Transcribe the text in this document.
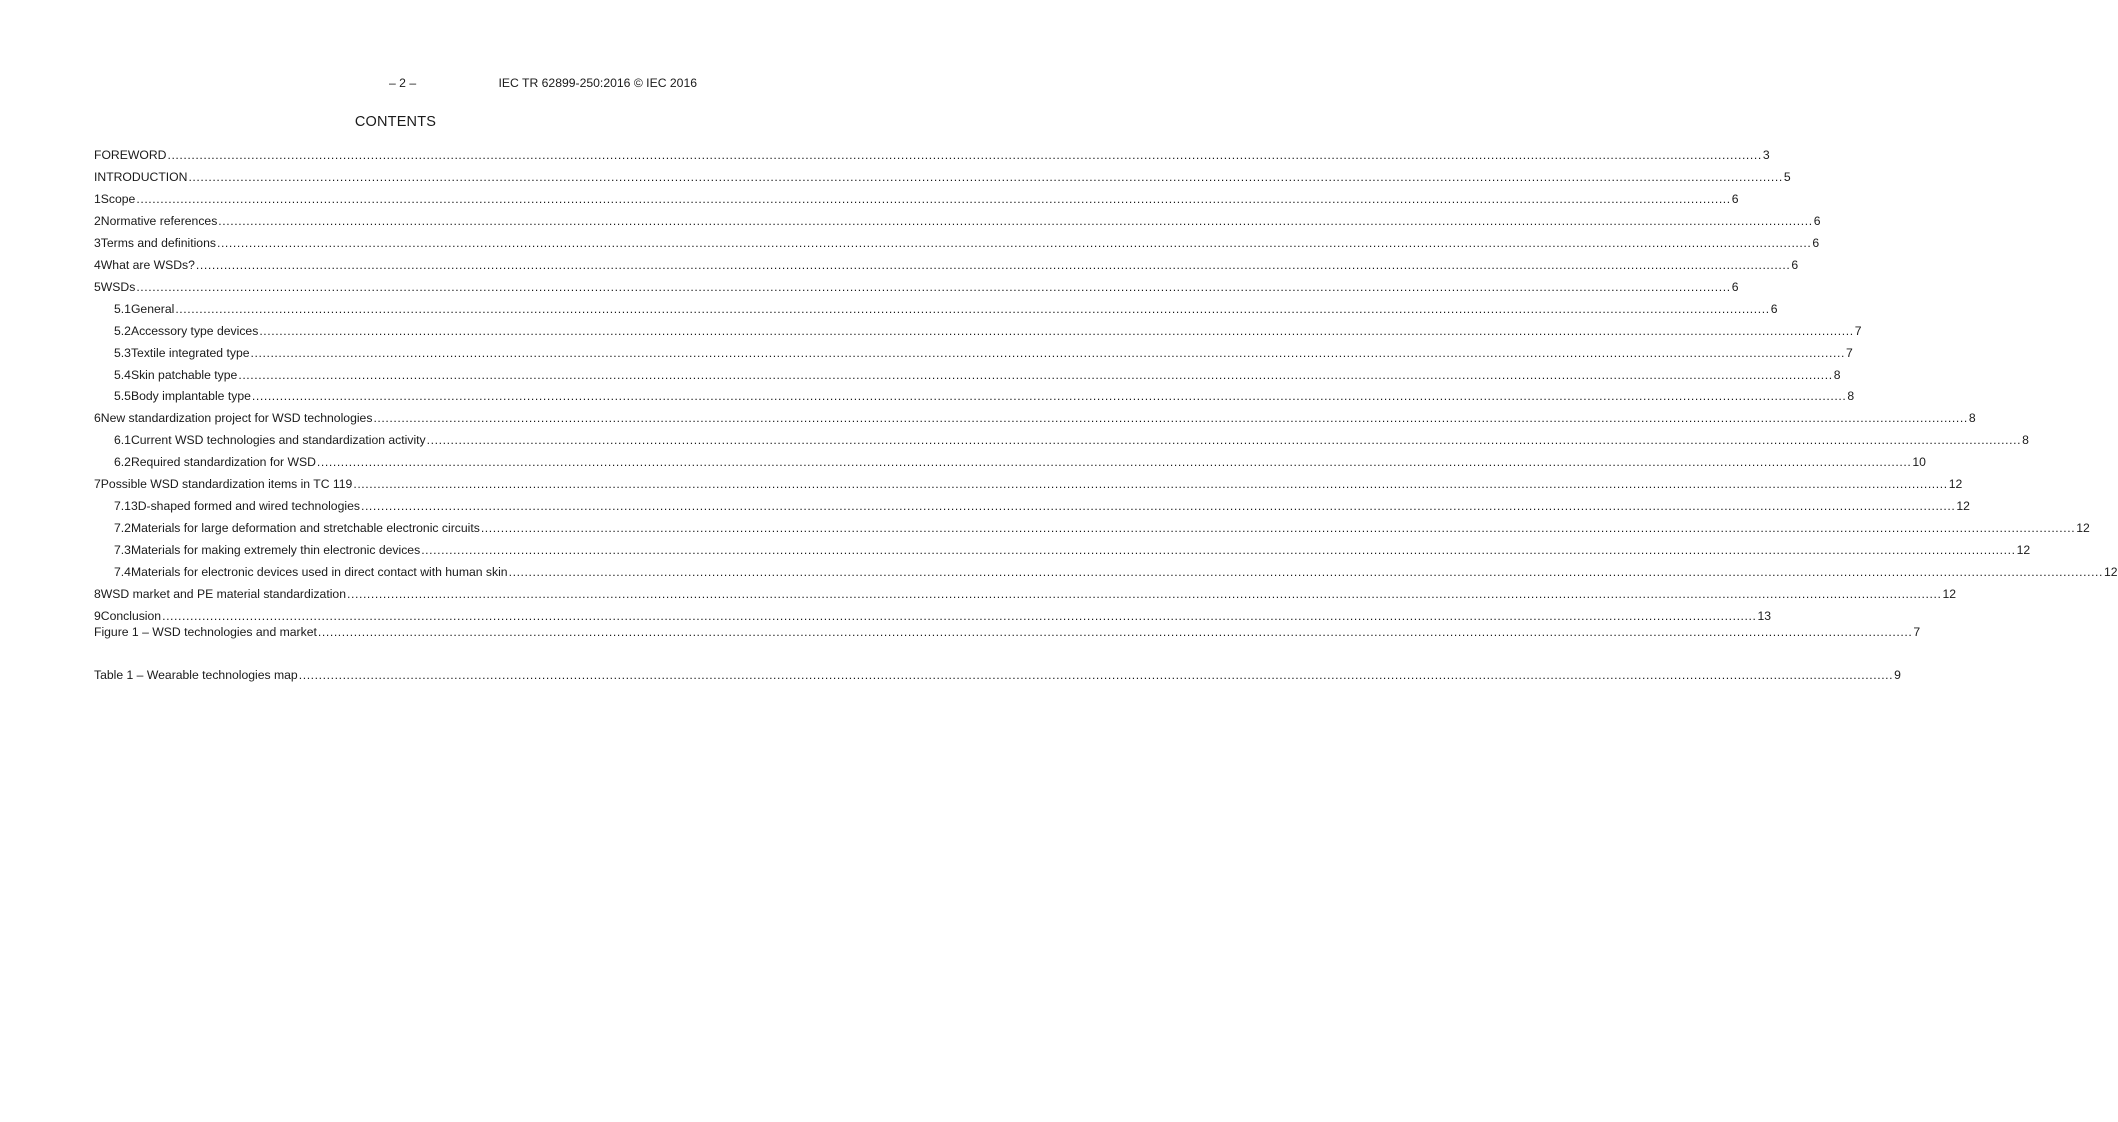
– 2 –	IEC TR 62899-250:2016 © IEC 2016
CONTENTS
FOREWORD ................................................................................................................................................................................................................................................................................................................................................................................................................ 3
INTRODUCTION ................................................................................................................................................................................................................................................................................................................................................................................................................ 5
1 Scope ................................................................................................................................................................................................................................................................................................................................................................................................................ 6
2 Normative references ................................................................................................................................................................................................................................................................................................................................................................................................................ 6
3 Terms and definitions ................................................................................................................................................................................................................................................................................................................................................................................................................ 6
4 What are WSDs? ................................................................................................................................................................................................................................................................................................................................................................................................................ 6
5 WSDs ................................................................................................................................................................................................................................................................................................................................................................................................................ 6
5.1 General ................................................................................................................................................................................................................................................................................................................................................................................................................ 6
5.2 Accessory type devices ................................................................................................................................................................................................................................................................................................................................................................................................................ 7
5.3 Textile integrated type ................................................................................................................................................................................................................................................................................................................................................................................................................ 7
5.4 Skin patchable type ................................................................................................................................................................................................................................................................................................................................................................................................................ 8
5.5 Body implantable type ................................................................................................................................................................................................................................................................................................................................................................................................................ 8
6 New standardization project for WSD technologies ................................................................................................................................................................................................................................................................................................................................................................................................................ 8
6.1 Current WSD technologies and standardization activity ................................................................................................................................................................................................................................................................................................................................................................................................................ 8
6.2 Required standardization for WSD ................................................................................................................................................................................................................................................................................................................................................................................................................ 10
7 Possible WSD standardization items in TC 119 ................................................................................................................................................................................................................................................................................................................................................................................................................ 12
7.1 3D-shaped formed and wired technologies ................................................................................................................................................................................................................................................................................................................................................................................................................ 12
7.2 Materials for large deformation and stretchable electronic circuits ................................................................................................................................................................................................................................................................................................................................................................................................................ 12
7.3 Materials for making extremely thin electronic devices ................................................................................................................................................................................................................................................................................................................................................................................................................ 12
7.4 Materials for electronic devices used in direct contact with human skin ................................................................................................................................................................................................................................................................................................................................................................................................................ 12
8 WSD market and PE material standardization ................................................................................................................................................................................................................................................................................................................................................................................................................ 12
9 Conclusion ................................................................................................................................................................................................................................................................................................................................................................................................................ 13
Figure 1 – WSD technologies and market ................................................................................................................................................................................................................................................................................................................................................................................................................ 7
Table 1 – Wearable technologies map ................................................................................................................................................................................................................................................................................................................................................................................................................ 9
